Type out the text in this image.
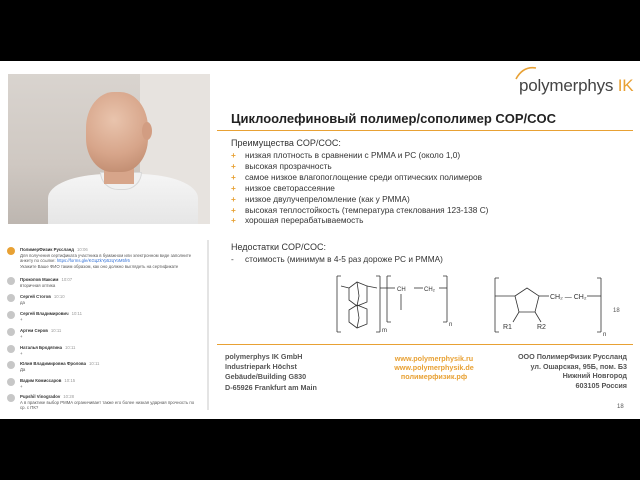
ПолимерФизик Руссланд 10:06
Для получения сертификата участника в бумажном или электронном виде заполните
анкету по ссылке: https://forms.gle/KGqZkYp52qYoM5fr6
Укажите Ваше ФИО таким образом, как оно должно выглядеть на сертификате
Прокопов Максим 10:07
вторичная оптика
Сергей Стогов 10:10
да
Сергей Владимирович 10:11
+
Артем Серов 10:11
+
Наталья Бродягина 10:11
+
Юлия Владимировна Фролова 10:11
Да
Вадим Комиссаров 10:15
+
Pupshil Vinogradov 10:28
А в практике выбор PMMA ограничивает также его более низкая ударная прочность по
ср. с ПК?
polymerphys IK
Циклоолефиновый полимер/сополимер COP/COC
Преимущества COP/COC:
+ низкая плотность в сравнении с PMMA и PC (около 1,0)
+ высокая прозрачность
+ самое низкое влагопоглощение среди оптических полимеров
+ низкое светорассеяние
+ низкое двулучепреломление (как у PMMA)
+ высокая теплостойкость (температура стеклования 123-138 С)
+ хорошая перерабатываемость
Недостатки COP/COC:
- стоимость (минимум в 4-5 раз дороже PC и PMMA)
CH	CH₂
m
n
CH₂ — CH₂
R1	R2
n
18
polymerphys IK GmbH
Industriepark Höchst
Gebäude/Building G830
D-65926 Frankfurt am Main
www.polymerphysik.ru
www.polymerphysik.de
полимерфизик.рф
ООО ПолимерФизик Руссланд
ул. Ошарская, 95Б, пом. Б3
Нижний Новгород
603105 Россия
18
